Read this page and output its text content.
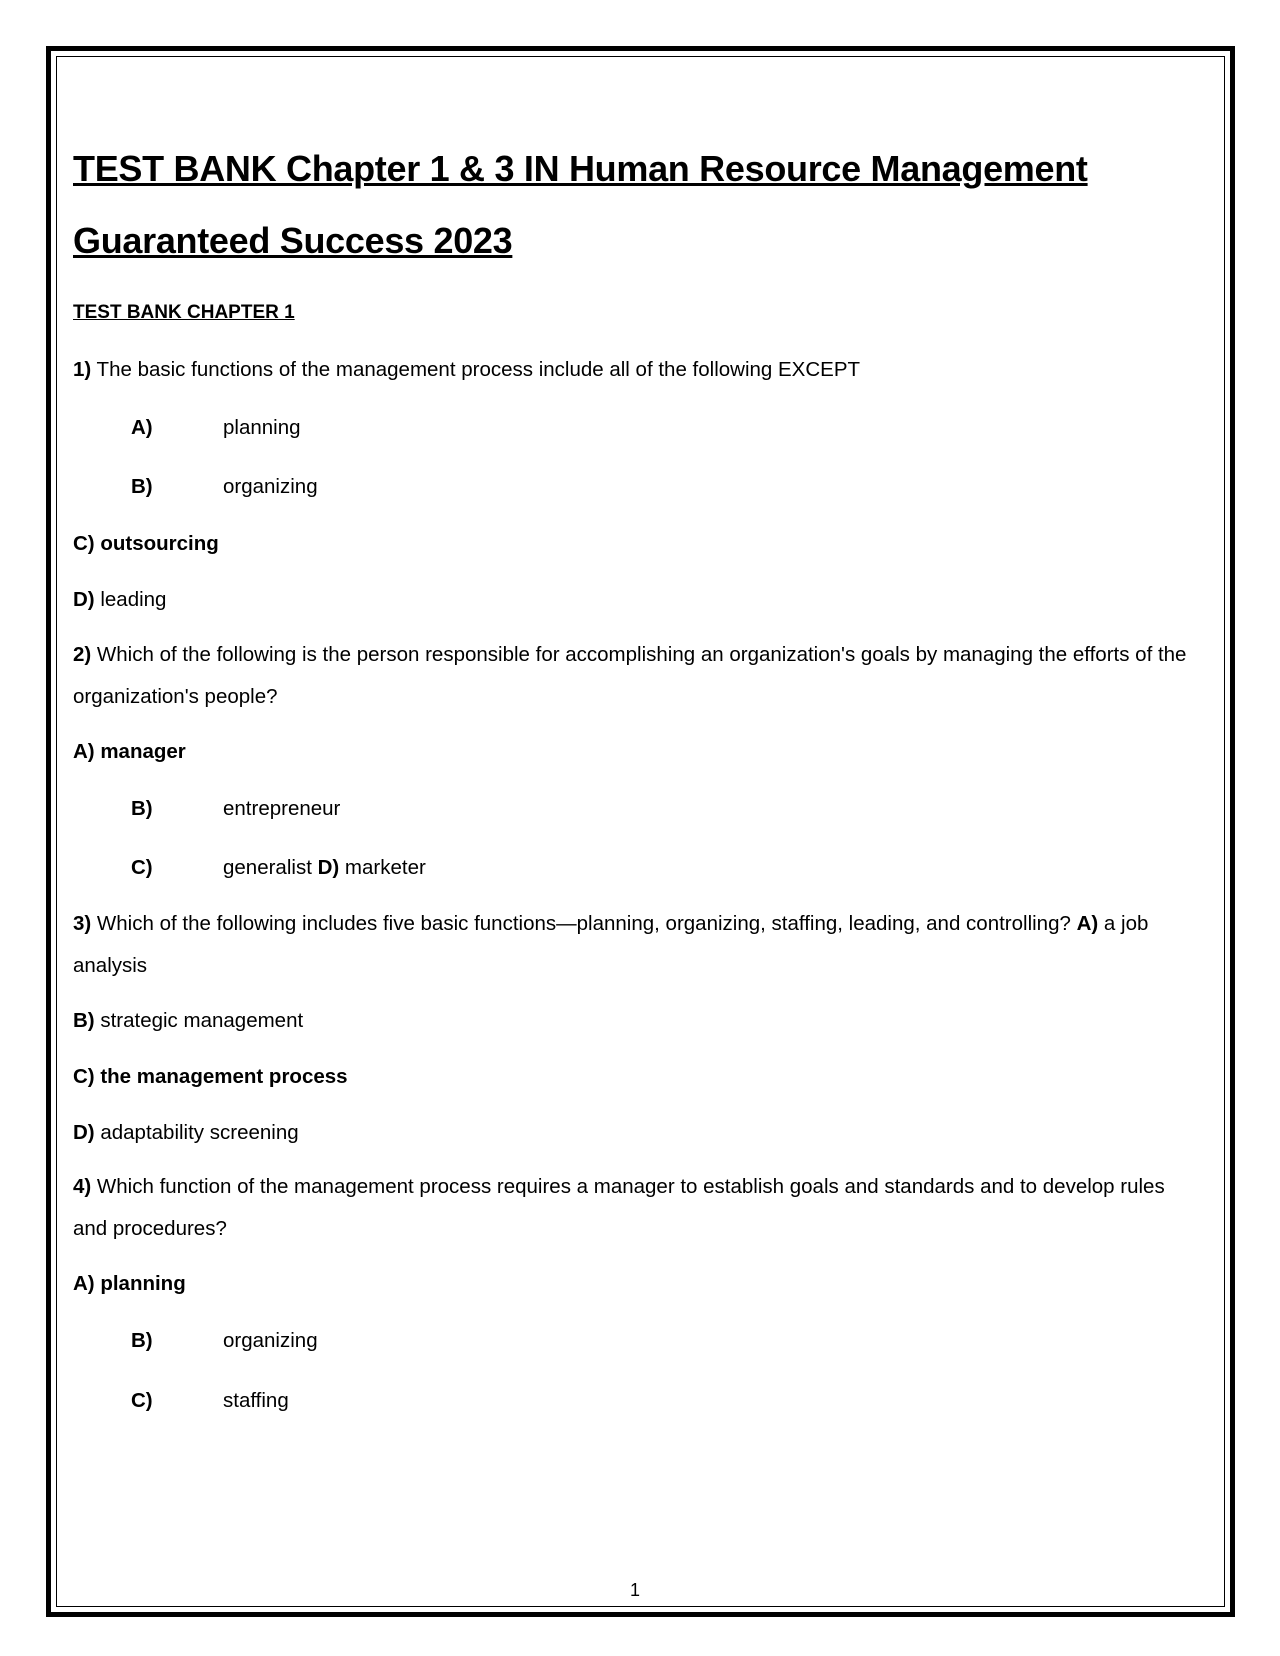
TEST BANK Chapter 1 & 3 IN Human Resource Management
Guaranteed Success 2023
TEST BANK CHAPTER 1
1) The basic functions of the management process include all of the following EXCEPT
A)	planning
B)	organizing
C) outsourcing
D) leading
2) Which of the following is the person responsible for accomplishing an organization's goals by managing the efforts of the organization's people?
A) manager
B)	entrepreneur
C)	generalist D) marketer
3) Which of the following includes five basic functions—planning, organizing, staffing, leading, and controlling? A) a job analysis
B) strategic management
C) the management process
D) adaptability screening
4) Which function of the management process requires a manager to establish goals and standards and to develop rules and procedures?
A) planning
B)	organizing
C)	staffing
1
